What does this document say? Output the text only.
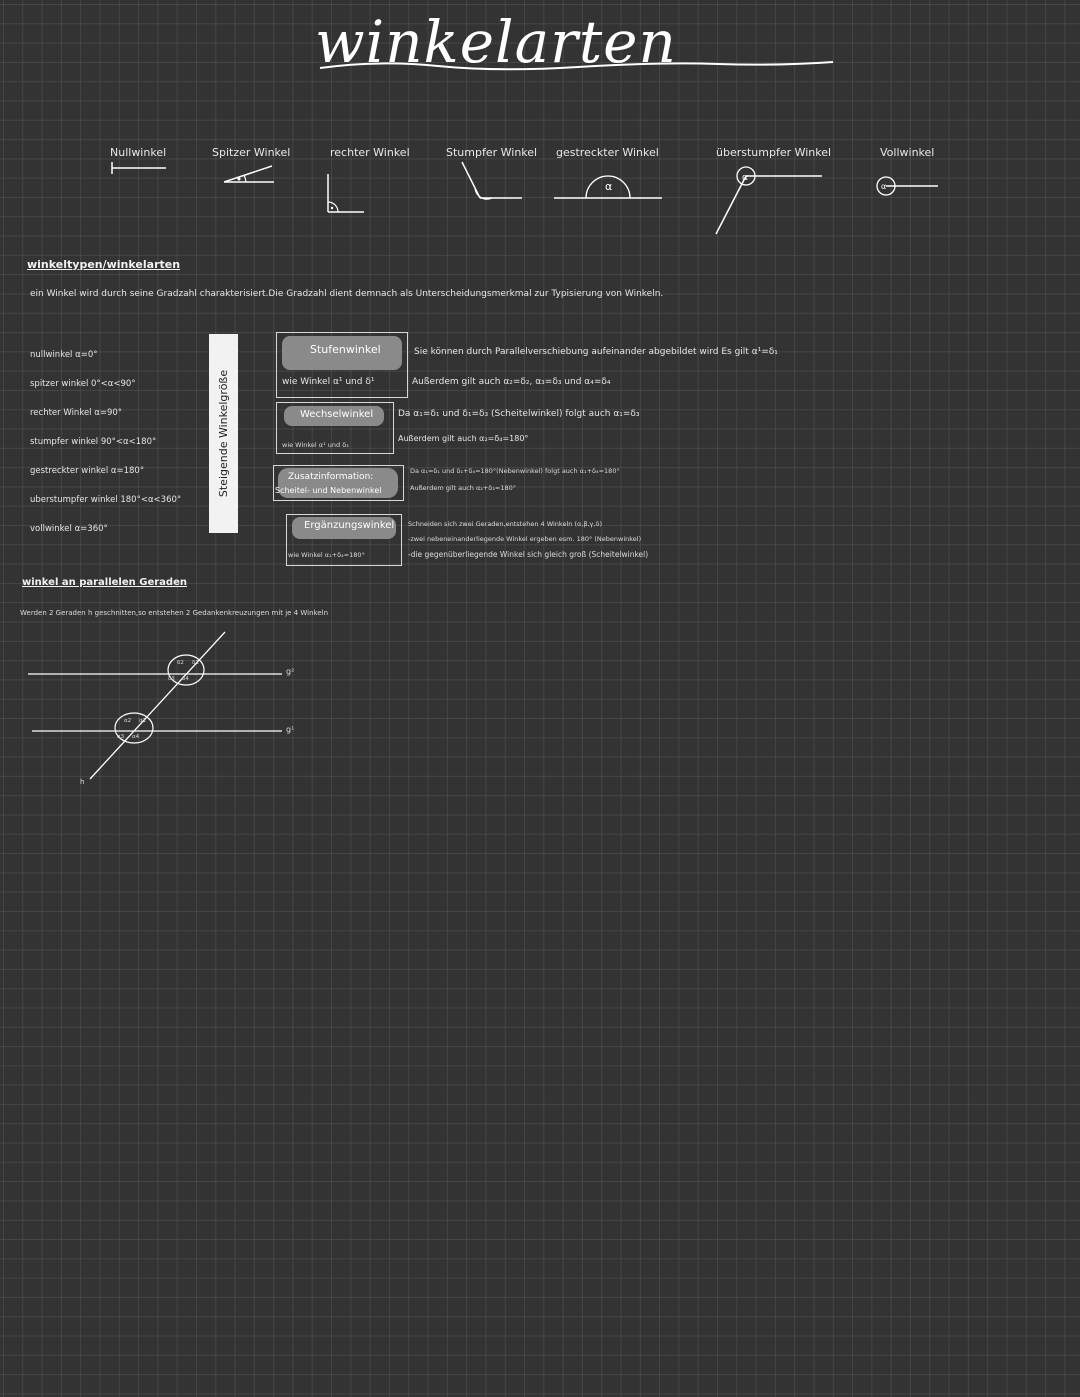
winkelarten
Nullwinkel	Spitzer Winkel	rechter Winkel	Stumpfer Winkel gestreckter Winkel
α
überstumpfer Winkel
α
Vollwinkel
α
winkeltypen/winkelarten
ein Winkel wird durch seine Gradzahl charakterisiert.Die Gradzahl dient demnach als Unterscheidungsmerkmal zur Typisierung von Winkeln.
nullwinkel α=0°
spitzer winkel 0°<α<90°
rechter Winkel α=90°
stumpfer winkel 90°<α<180°
gestreckter winkel α=180°
uberstumpfer winkel 180°<α<360°
vollwinkel α=360°
Steigende Winkelgröße
Stufenwinkel
wie Winkel α¹ und δ¹
Sie können durch Parallelverschiebung aufeinander abgebildet wird Es gilt α¹=δ₁
Außerdem gilt auch α₂=δ₂, α₃=δ₃ und α₄=δ₄
Wechselwinkel
wie Winkel α¹ und δ₃
Da α₁=δ₁ und δ₁=δ₃ (Scheitelwinkel) folgt auch α₁=δ₃
Außerdem gilt auch α₂=δ₄=180°
Zusatzinformation:
Scheitel- und Nebenwinkel
Da α₁=δ₁ und δ₁+δ₄=180°(Nebenwinkel) folgt auch α₁+δ₄=180°
Außerdem gilt auch α₂+δ₃=180°
Ergänzungswinkel
wie Winkel α₁+δ₄=180°
Schneiden sich zwei Geraden,entstehen 4 Winkeln (α,β,γ,δ)
-zwei nebeneinanderliegende Winkel ergeben esm. 180° (Nebenwinkel)
-die gegenüberliegende Winkel sich gleich groß (Scheitelwinkel)
winkel an parallelen Geraden
Werden 2 Geraden h geschnitten,so entstehen 2 Gedankenkreuzungen mit je 4 Winkeln
g²
g¹
h
δ2 δ1
δ3 δ4
α2 α1
α3 α4
